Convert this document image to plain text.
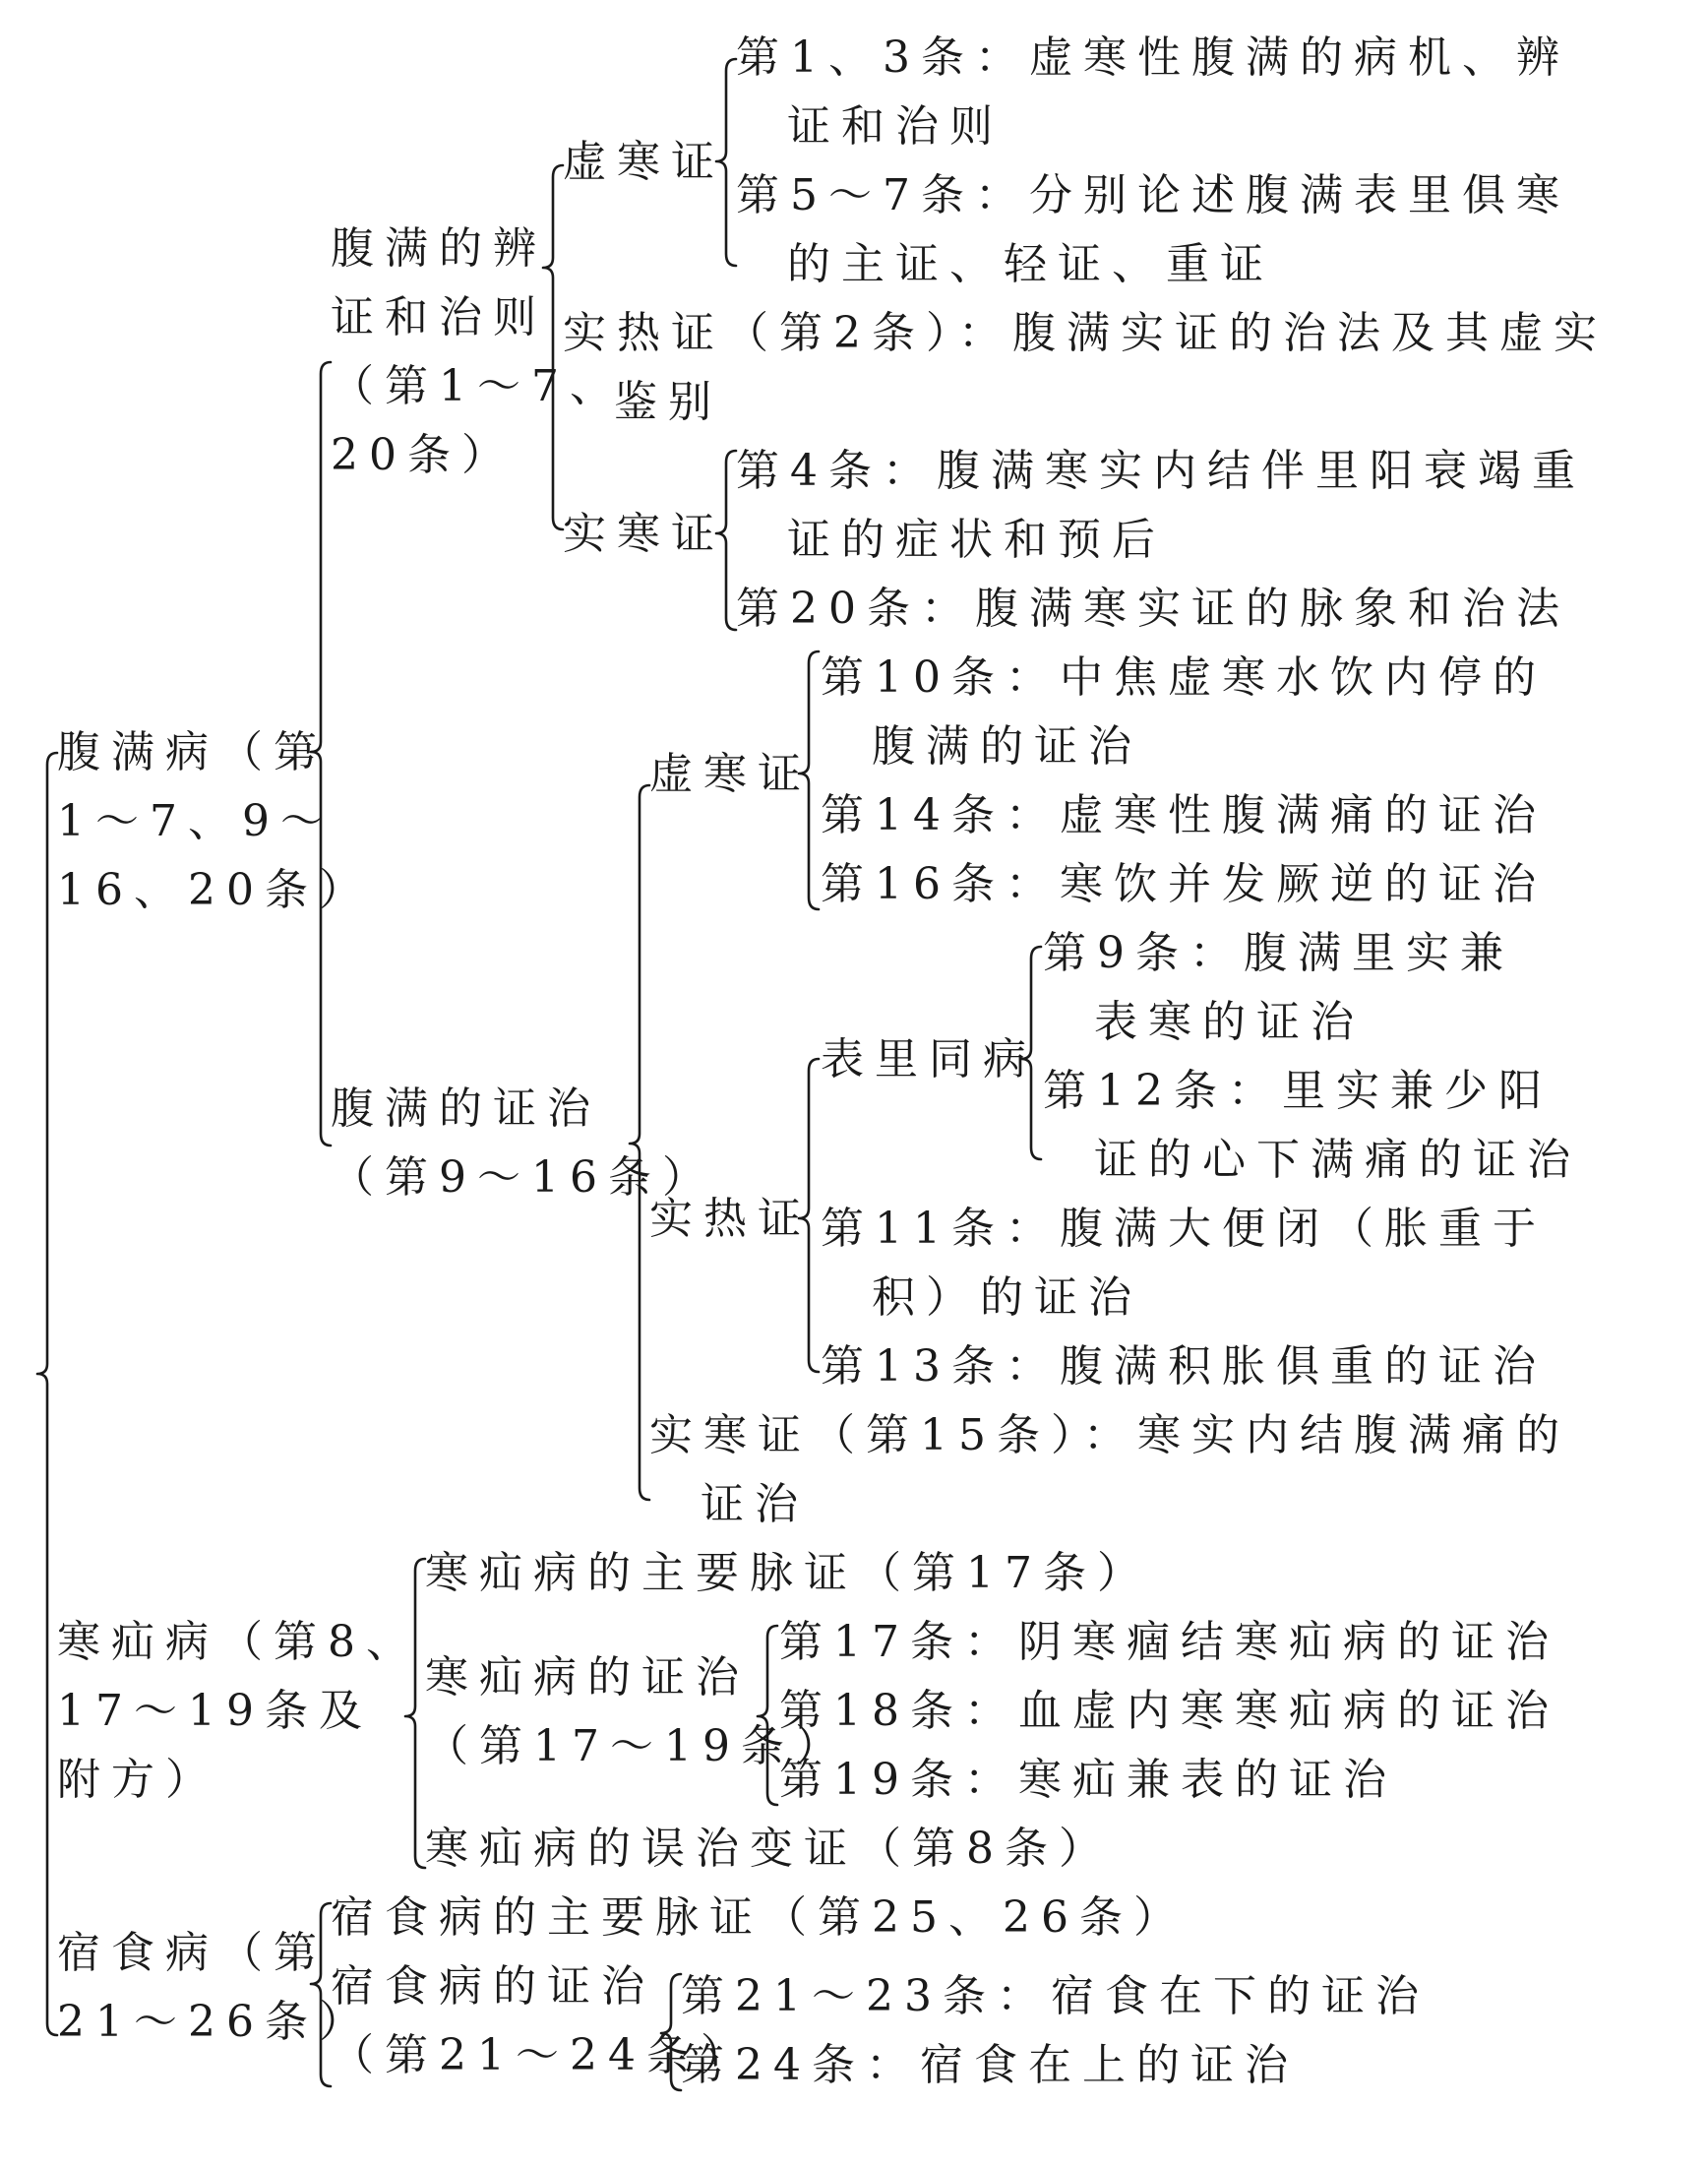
腹满病（第
1～7、9～
16、20条）
腹满的辨
证和治则
（第1～7、
20条）
虚寒证
第1、3条：虚寒性腹满的病机、辨
证和治则
第5～7条：分别论述腹满表里俱寒
的主证、轻证、重证
实热证（第2条）：腹满实证的治法及其虚实
鉴别
实寒证
第4条：腹满寒实内结伴里阳衰竭重
证的症状和预后
第20条：腹满寒实证的脉象和治法
腹满的证治
（第9～16条）
虚寒证
第10条：中焦虚寒水饮内停的
腹满的证治
第14条：虚寒性腹满痛的证治
第16条：寒饮并发厥逆的证治
实热证
表里同病
第9条：腹满里实兼
表寒的证治
第12条：里实兼少阳
证的心下满痛的证治
第11条：腹满大便闭（胀重于
积）的证治
第13条：腹满积胀俱重的证治
实寒证（第15条）：寒实内结腹满痛的
证治
寒疝病（第8、
17～19条及
附方）
寒疝病的主要脉证（第17条）
寒疝病的证治
（第17～19条）
第17条：阴寒痼结寒疝病的证治
第18条：血虚内寒寒疝病的证治
第19条：寒疝兼表的证治
寒疝病的误治变证（第8条）
宿食病（第
21～26条）
宿食病的主要脉证（第25、26条）
宿食病的证治
（第21～24条）
第21～23条：宿食在下的证治
第24条：宿食在上的证治
